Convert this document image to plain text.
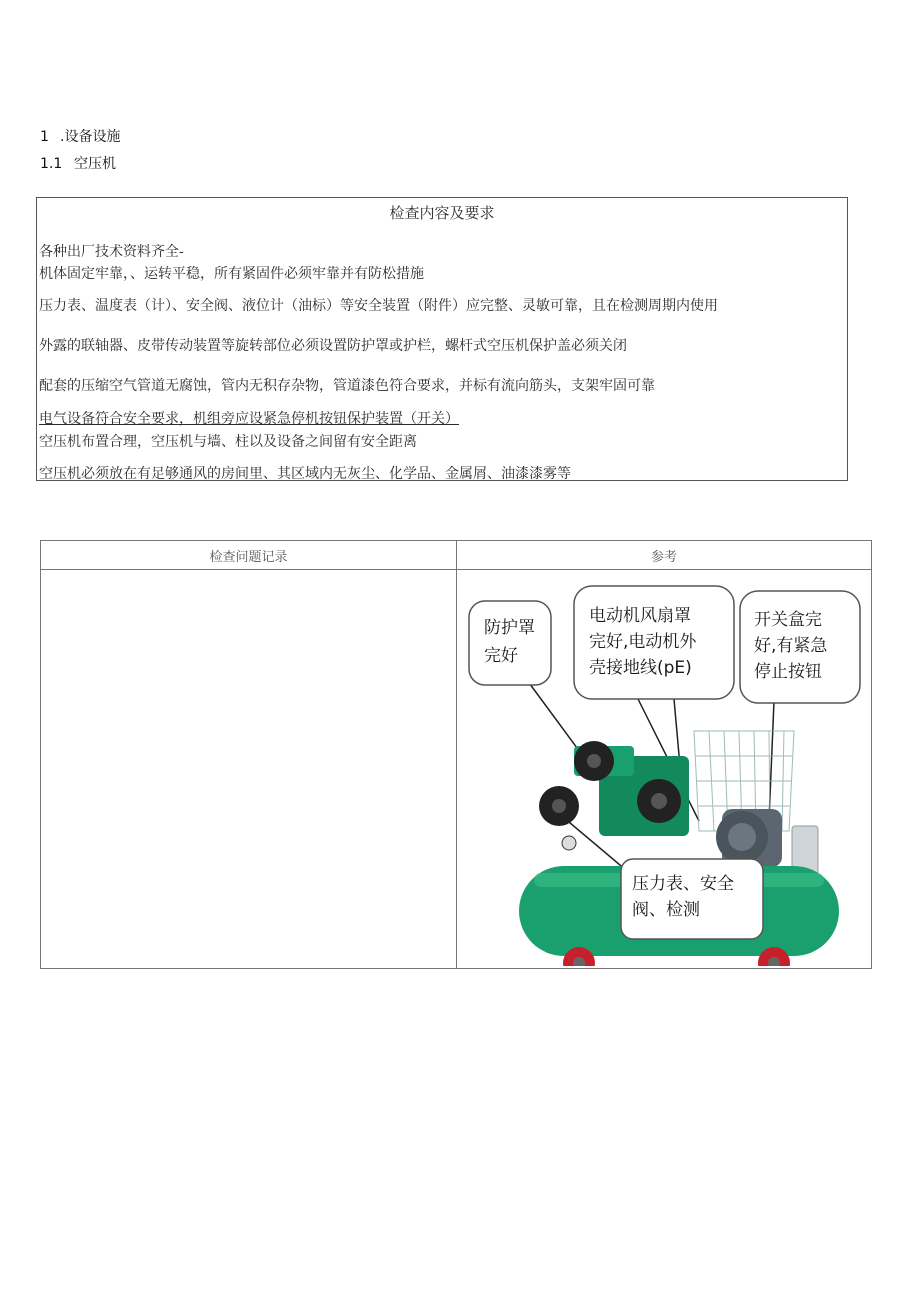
1 .设备设施
1.1 空压机
检查内容及要求
各种出厂技术资料齐全-
机体固定牢靠，、运转平稳，所有紧固件必须牢靠并有防松措施
压力表、温度表（计）、安全阀、液位计（油标）等安全装置（附件）应完整、灵敏可靠，且在检测周期内使用
外露的联轴器、皮带传动装置等旋转部位必须设置防护罩或护栏，螺杆式空压机保护盖必须关闭
配套的压缩空气管道无腐蚀，管内无积存杂物，管道漆色符合要求，并标有流向筋头，支架牢固可靠
电气设备符合安全要求，机组旁应设紧急停机按钮保护装置（开关）
空压机布置合理，空压机与墙、柱以及设备之间留有安全距离
空压机必须放在有足够通风的房间里、其区域内无灰尘、化学品、金属屑、油漆漆雾等
检查问题记录	参考
防护罩
完好
电动机风扇罩
完好,电动机外
壳接地线(pE)
开关盒完
好,有紧急
停止按钮
压力表、安全
阀、检测
